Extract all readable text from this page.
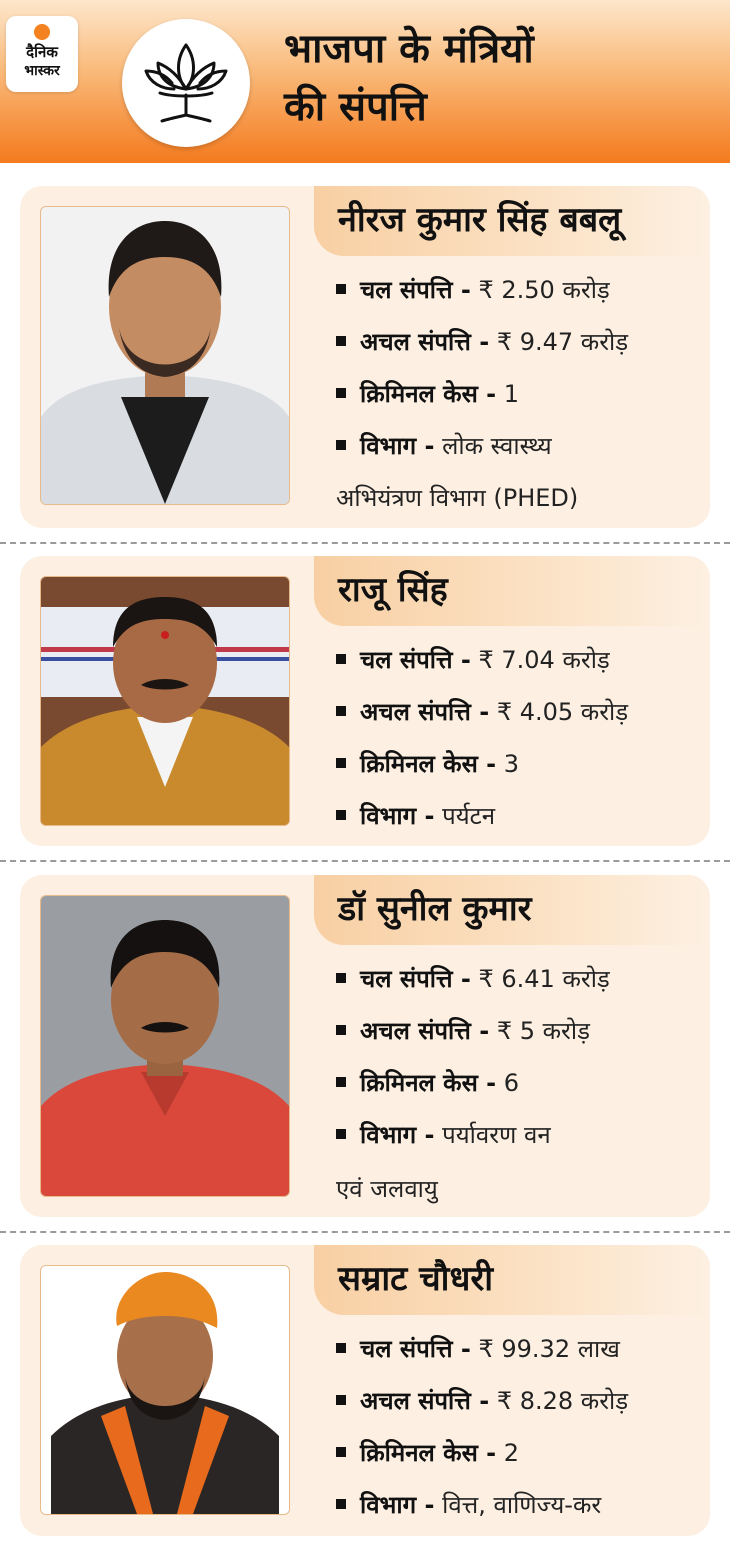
दैनिक
भास्कर	भाजपा के मंत्रियों
की संपत्ति
नीरज कुमार सिंह बबलू
चल संपत्ति - ₹ 2.50 करोड़
अचल संपत्ति - ₹ 9.47 करोड़
क्रिमिनल केस - 1
विभाग - लोक स्वास्थ्य
अभियंत्रण विभाग (PHED)
राजू सिंह
चल संपत्ति - ₹ 7.04 करोड़
अचल संपत्ति - ₹ 4.05 करोड़
क्रिमिनल केस - 3
विभाग - पर्यटन
डॉ सुनील कुमार
चल संपत्ति - ₹ 6.41 करोड़
अचल संपत्ति - ₹ 5 करोड़
क्रिमिनल केस - 6
विभाग - पर्यावरण वन
एवं जलवायु
सम्राट चौधरी
चल संपत्ति - ₹ 99.32 लाख
अचल संपत्ति - ₹ 8.28 करोड़
क्रिमिनल केस - 2
विभाग - वित्त, वाणिज्य-कर
